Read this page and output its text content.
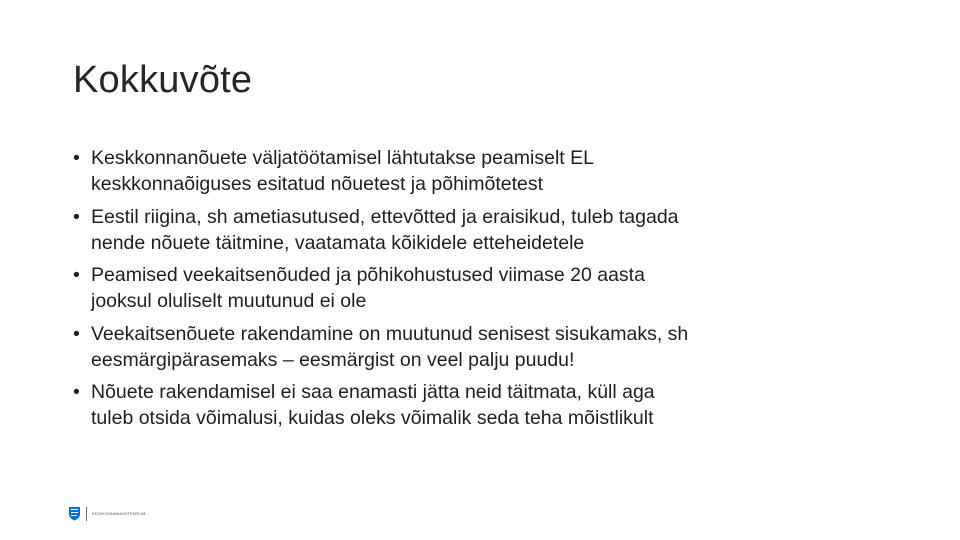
Kokkuvõte
• Keskkonnanõuete väljatöötamisel lähtutakse peamiselt EL
keskkonnaõiguses esitatud nõuetest ja põhimõtetest
• Eestil riigina, sh ametiasutused, ettevõtted ja eraisikud, tuleb tagada
nende nõuete täitmine, vaatamata kõikidele etteheidetele
• Peamised veekaitsenõuded ja põhikohustused viimase 20 aasta
jooksul oluliselt muutunud ei ole
• Veekaitsenõuete rakendamine on muutunud senisest sisukamaks, sh
eesmärgipärasemaks – eesmärgist on veel palju puudu!
• Nõuete rakendamisel ei saa enamasti jätta neid täitmata, küll aga
tuleb otsida võimalusi, kuidas oleks võimalik seda teha mõistlikult
KESKKONNAMINISTEERIUM
